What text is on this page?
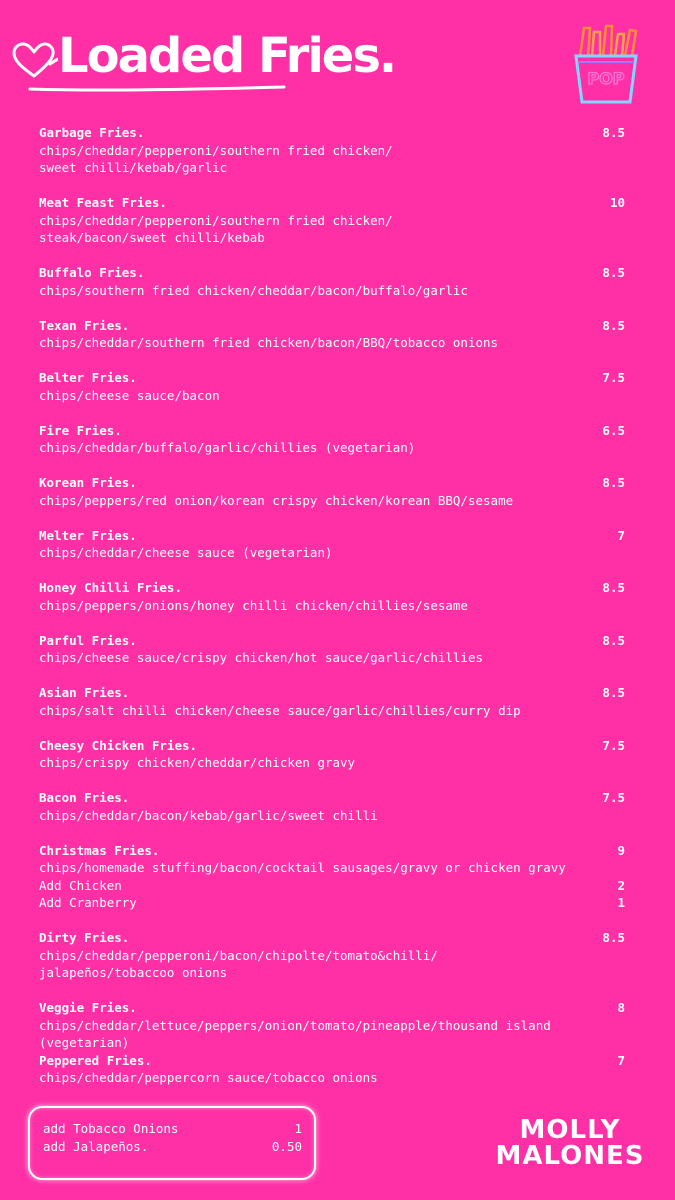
Loaded Fries.	POP
Garbage Fries.	8.5
chips/cheddar/pepperoni/southern fried chicken/
sweet chilli/kebab/garlic
Meat Feast Fries.	10
chips/cheddar/pepperoni/southern fried chicken/
steak/bacon/sweet chilli/kebab
Buffalo Fries.	8.5
chips/southern fried chicken/cheddar/bacon/buffalo/garlic
Texan Fries.	8.5
chips/cheddar/southern fried chicken/bacon/BBQ/tobacco onions
Belter Fries.	7.5
chips/cheese sauce/bacon
Fire Fries.	6.5
chips/cheddar/buffalo/garlic/chillies (vegetarian)
Korean Fries.	8.5
chips/peppers/red onion/korean crispy chicken/korean BBQ/sesame
Melter Fries.	7
chips/cheddar/cheese sauce (vegetarian)
Honey Chilli Fries.	8.5
chips/peppers/onions/honey chilli chicken/chillies/sesame
Parful Fries.	8.5
chips/cheese sauce/crispy chicken/hot sauce/garlic/chillies
Asian Fries.	8.5
chips/salt chilli chicken/cheese sauce/garlic/chillies/curry dip
Cheesy Chicken Fries.	7.5
chips/crispy chicken/cheddar/chicken gravy
Bacon Fries.	7.5
chips/cheddar/bacon/kebab/garlic/sweet chilli
Christmas Fries.	9
chips/homemade stuffing/bacon/cocktail sausages/gravy or chicken gravy
Add Chicken	2
Add Cranberry	1
Dirty Fries.	8.5
chips/cheddar/pepperoni/bacon/chipolte/tomato&chilli/
jalapeños/tobaccoo onions
Veggie Fries.	8
chips/cheddar/lettuce/peppers/onion/tomato/pineapple/thousand island
(vegetarian)
Peppered Fries.	7
chips/cheddar/peppercorn sauce/tobacco onions
add Tobacco Onions	1
add Jalapeños.	0.50
MOLLY
MALONES
